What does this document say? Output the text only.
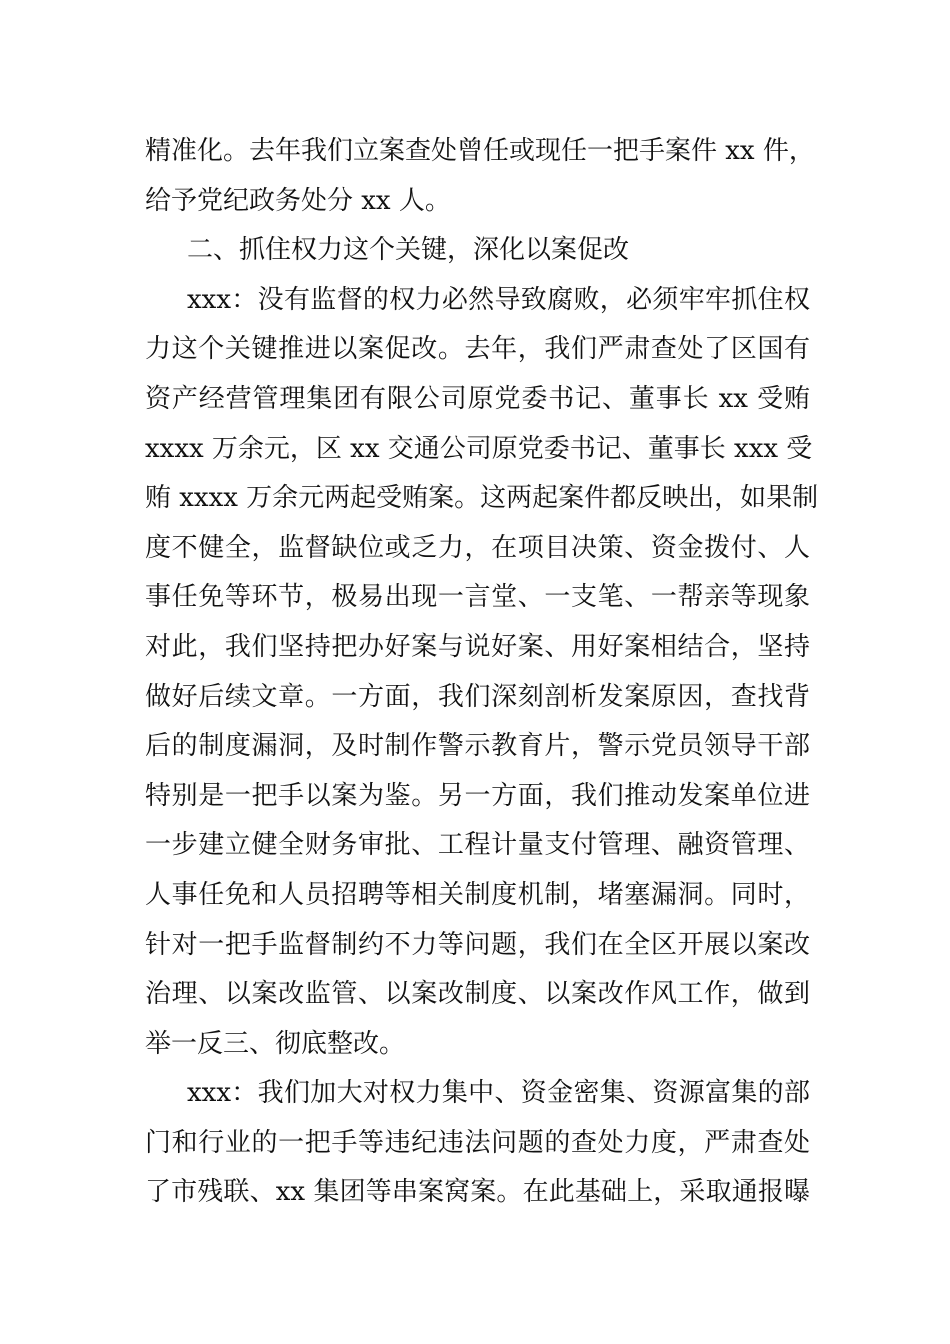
精准化。去年我们立案查处曾任或现任一把手案件 xx 件，
给予党纪政务处分 xx 人。
二、抓住权力这个关键，深化以案促改
xxx：没有监督的权力必然导致腐败，必须牢牢抓住权
力这个关键推进以案促改。去年，我们严肃查处了区国有
资产经营管理集团有限公司原党委书记、董事长 xx 受贿
xxxx 万余元，区 xx 交通公司原党委书记、董事长 xxx 受
贿 xxxx 万余元两起受贿案。这两起案件都反映出，如果制
度不健全，监督缺位或乏力，在项目决策、资金拨付、人
事任免等环节，极易出现一言堂、一支笔、一帮亲等现象
对此，我们坚持把办好案与说好案、用好案相结合，坚持
做好后续文章。一方面，我们深刻剖析发案原因，查找背
后的制度漏洞，及时制作警示教育片，警示党员领导干部
特别是一把手以案为鉴。另一方面，我们推动发案单位进
一步建立健全财务审批、工程计量支付管理、融资管理、
人事任免和人员招聘等相关制度机制，堵塞漏洞。同时，
针对一把手监督制约不力等问题，我们在全区开展以案改
治理、以案改监管、以案改制度、以案改作风工作，做到
举一反三、彻底整改。
xxx：我们加大对权力集中、资金密集、资源富集的部
门和行业的一把手等违纪违法问题的查处力度，严肃查处
了市残联、xx 集团等串案窝案。在此基础上，采取通报曝
